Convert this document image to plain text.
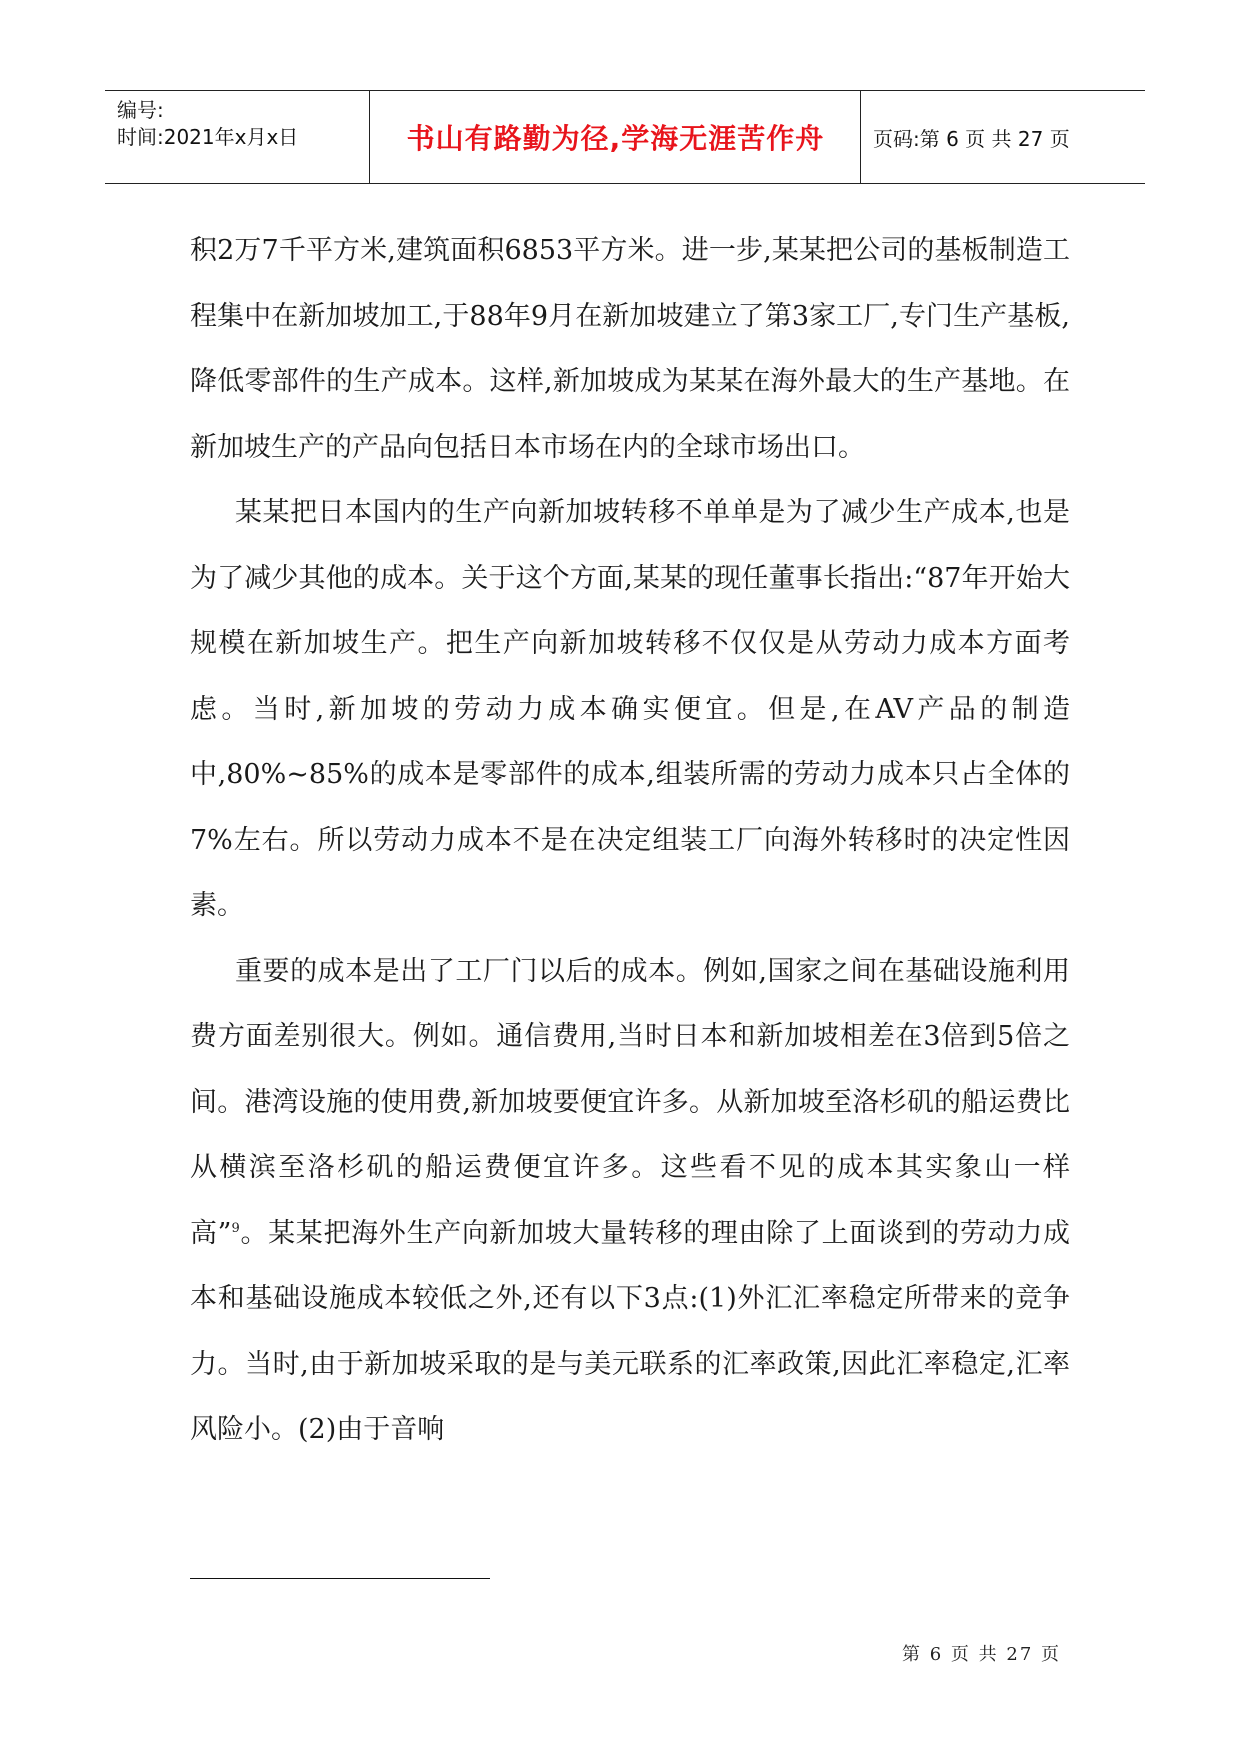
编号:
时间:2021年x月x日	书山有路勤为径,学海无涯苦作舟	页码:第 6 页 共 27 页

积2万7千平方米,建筑面积6853平方米。进一步,某某把公司的基板制造工程集中在新加坡加工,于88年9月在新加坡建立了第3家工厂,专门生产基板,降低零部件的生产成本。这样,新加坡成为某某在海外最大的生产基地。在新加坡生产的产品向包括日本市场在内的全球市场出口。

某某把日本国内的生产向新加坡转移不单单是为了减少生产成本,也是为了减少其他的成本。关于这个方面,某某的现任董事长指出:“87年开始大规模在新加坡生产。把生产向新加坡转移不仅仅是从劳动力成本方面考虑。当时,新加坡的劳动力成本确实便宜。但是,在AV产品的制造中,80%~85%的成本是零部件的成本,组装所需的劳动力成本只占全体的7%左右。所以劳动力成本不是在决定组装工厂向海外转移时的决定性因素。

重要的成本是出了工厂门以后的成本。例如,国家之间在基础设施利用费方面差别很大。例如。通信费用,当时日本和新加坡相差在3倍到5倍之间。港湾设施的使用费,新加坡要便宜许多。从新加坡至洛杉矶的船运费比从横滨至洛杉矶的船运费便宜许多。这些看不见的成本其实象山一样高”$^9$。某某把海外生产向新加坡大量转移的理由除了上面谈到的劳动力成本和基础设施成本较低之外,还有以下3点:(1)外汇汇率稳定所带来的竞争力。当时,由于新加坡采取的是与美元联系的汇率政策,因此汇率稳定,汇率风险小。(2)由于音响

第 6 页 共 27 页
